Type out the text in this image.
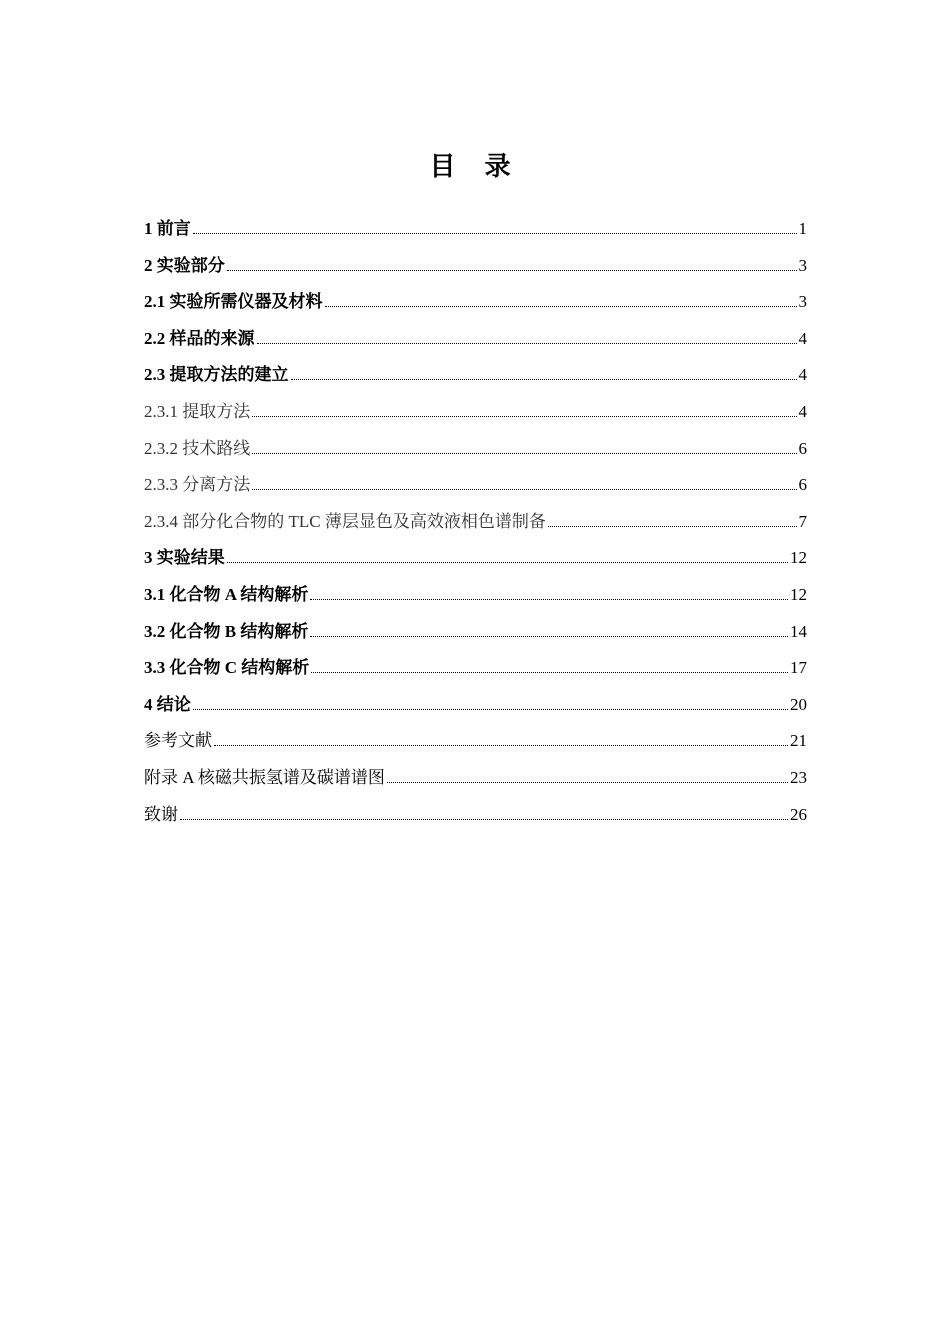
目 录
1 前言	1
2 实验部分	3
2.1 实验所需仪器及材料	3
2.2 样品的来源	4
2.3 提取方法的建立	4
2.3.1 提取方法	4
2.3.2 技术路线	6
2.3.3 分离方法	6
2.3.4 部分化合物的 TLC 薄层显色及高效液相色谱制备	7
3 实验结果	12
3.1 化合物 A 结构解析	12
3.2 化合物 B 结构解析	14
3.3 化合物 C 结构解析	17
4 结论	20
参考文献	21
附录 A 核磁共振氢谱及碳谱谱图	23
致谢	26
